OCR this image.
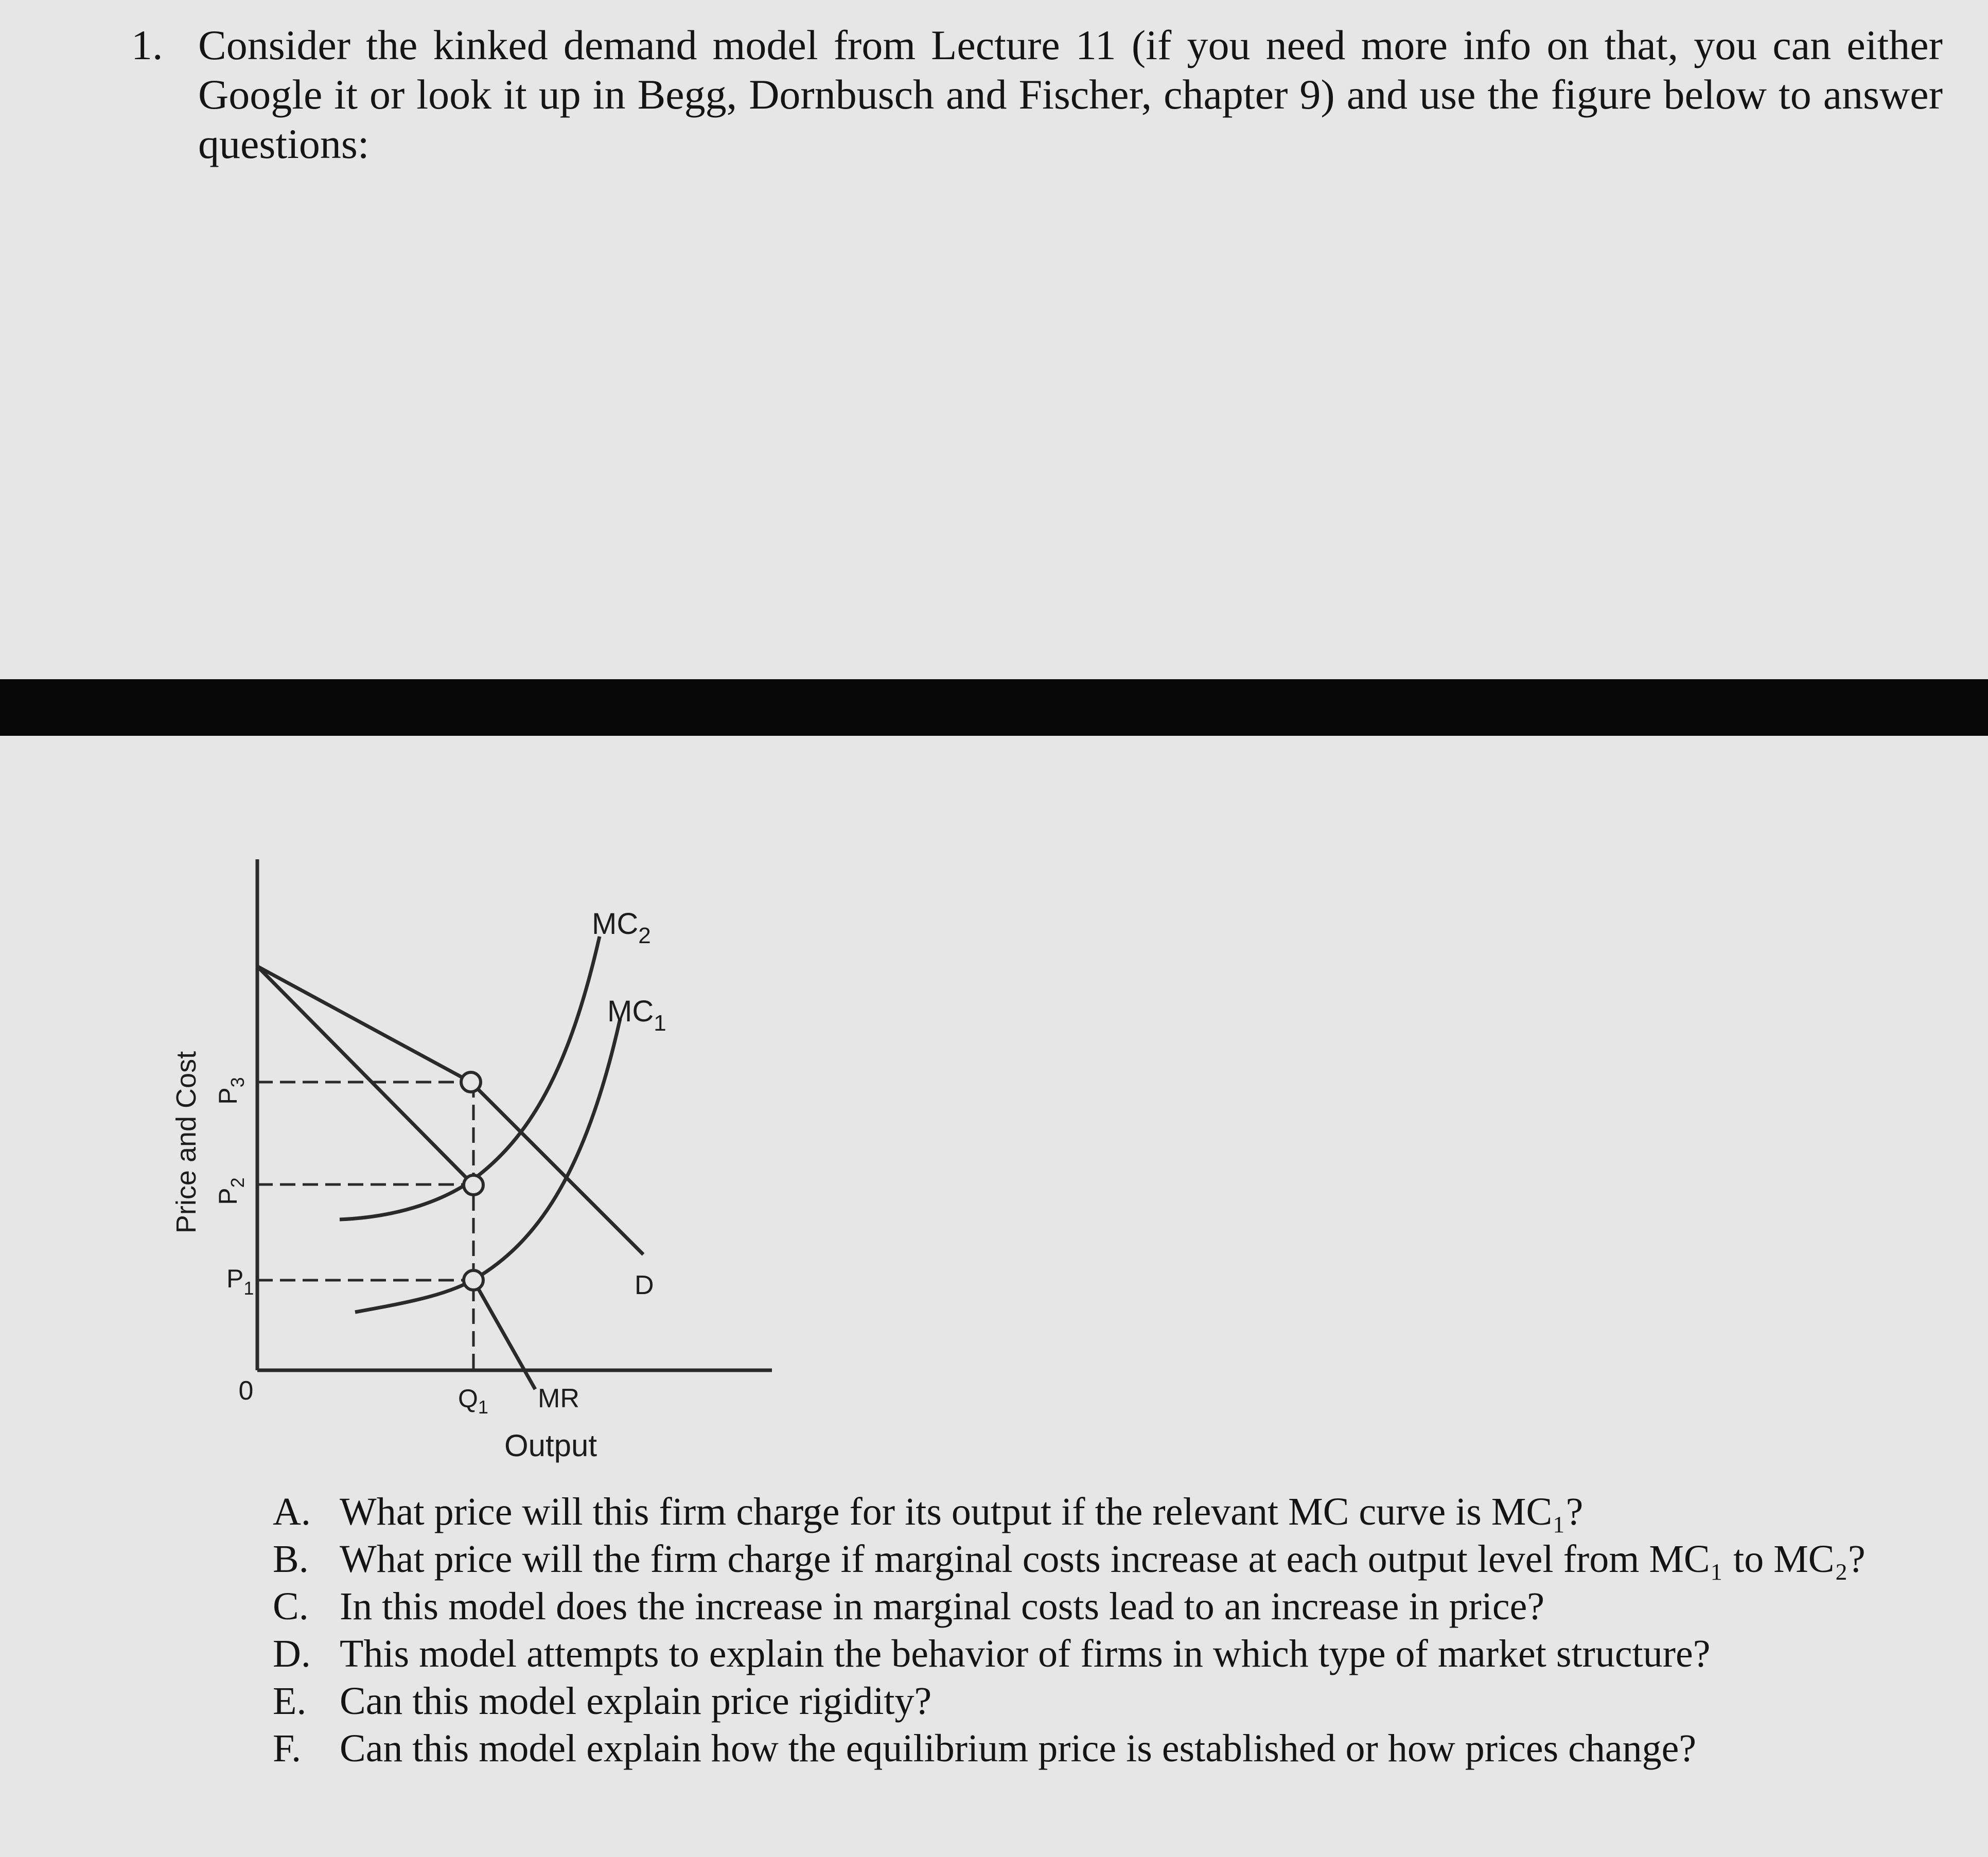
1. Consider the kinked demand model from Lecture 11 (if you need more info on that, you can either Google it or look it up in Begg, Dornbusch and Fischer, chapter 9) and use the figure below to answer questions:
Price and Cost $P_3$
$P_2$
$P_1$
0	$Q_1$ MR
$MC_2$
$MC_1$
D
Output
A. What price will this firm charge for its output if the relevant MC curve is MC₁?
B. What price will the firm charge if marginal costs increase at each output level from MC₁ to MC₂?
C. In this model does the increase in marginal costs lead to an increase in price?
D. This model attempts to explain the behavior of firms in which type of market structure?
E. Can this model explain price rigidity?
F. Can this model explain how the equilibrium price is established or how prices change?
